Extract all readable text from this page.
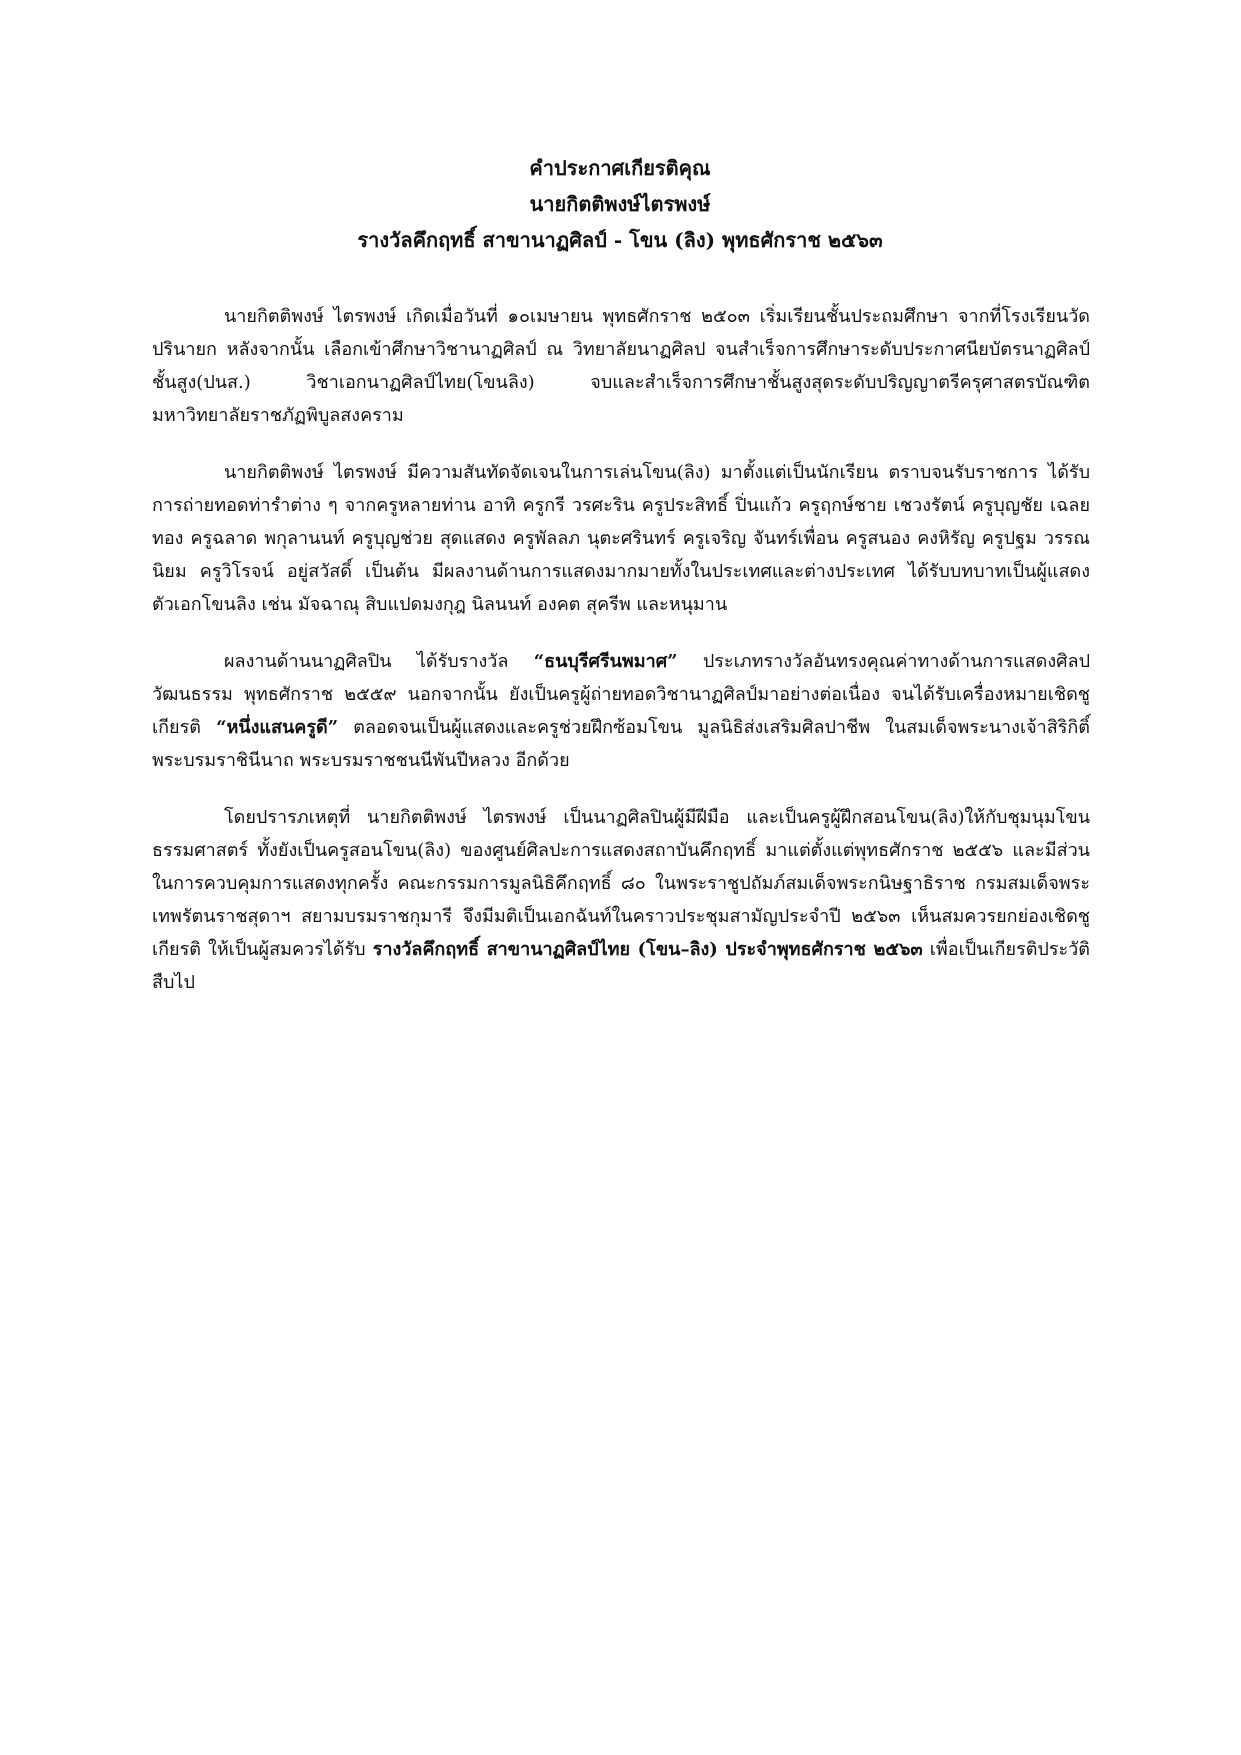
คำประกาศเกียรติคุณ
นายกิตติพงษ์ไตรพงษ์
รางวัลคึกฤทธิ์ สาขานาฏศิลป์ - โขน (ลิง) พุทธศักราช ๒๕๖๓

นายกิตติพงษ์ ไตรพงษ์ เกิดเมื่อวันที่ ๑๐เมษายน พุทธศักราช ๒๕๐๓ เริ่มเรียนชั้นประถมศึกษา จากที่โรงเรียนวัดปรินายก หลังจากนั้น เลือกเข้าศึกษาวิชานาฏศิลป์ ณ วิทยาลัยนาฏศิลป จนสำเร็จการศึกษาระดับประกาศนียบัตรนาฏศิลป์ชั้นสูง(ปนส.) วิชาเอกนาฏศิลป์ไทย(โขนลิง) จบและสำเร็จการศึกษาชั้นสูงสุดระดับปริญญาตรีครุศาสตรบัณฑิต มหาวิทยาลัยราชภัฏพิบูลสงคราม

นายกิตติพงษ์ ไตรพงษ์ มีความสันทัดจัดเจนในการเล่นโขน(ลิง) มาตั้งแต่เป็นนักเรียน ตราบจนรับราชการ ได้รับการถ่ายทอดท่ารำต่าง ๆ จากครูหลายท่าน อาทิ ครูกรี วรศะริน ครูประสิทธิ์ ปิ่นแก้ว ครูฤกษ์ชาย เชวงรัตน์ ครูบุญชัย เฉลยทอง ครูฉลาด พกุลานนท์ ครูบุญช่วย สุดแสดง ครูพัลลภ นุตะศรินทร์ ครูเจริญ จันทร์เพื่อน ครูสนอง คงหิรัญ ครูปฐม วรรณนิยม ครูวิโรจน์ อยู่สวัสดิ์ เป็นต้น มีผลงานด้านการแสดงมากมายทั้งในประเทศและต่างประเทศ ได้รับบทบาทเป็นผู้แสดงตัวเอกโขนลิง เช่น มัจฉาณุ สิบแปดมงกุฎ นิลนนท์ องคต สุครีพ และหนุมาน

ผลงานด้านนาฏศิลปิน ได้รับรางวัล “ธนบุรีศรีนพมาศ” ประเภทรางวัลอันทรงคุณค่าทางด้านการแสดงศิลปวัฒนธรรม พุทธศักราช ๒๕๕๙ นอกจากนั้น ยังเป็นครูผู้ถ่ายทอดวิชานาฏศิลป์มาอย่างต่อเนื่อง จนได้รับเครื่องหมายเชิดชูเกียรติ “หนึ่งแสนครูดี” ตลอดจนเป็นผู้แสดงและครูช่วยฝึกซ้อมโขน มูลนิธิส่งเสริมศิลปาชีพ ในสมเด็จพระนางเจ้าสิริกิติ์ พระบรมราชินีนาถ พระบรมราชชนนีพันปีหลวง อีกด้วย

โดยปรารภเหตุที่ นายกิตติพงษ์ ไตรพงษ์ เป็นนาฏศิลปินผู้มีฝีมือ และเป็นครูผู้ฝึกสอนโขน(ลิง)ให้กับชุมนุมโขนธรรมศาสตร์ ทั้งยังเป็นครูสอนโขน(ลิง) ของศูนย์ศิลปะการแสดงสถาบันคึกฤทธิ์ มาแต่ตั้งแต่พุทธศักราช ๒๕๕๖ และมีส่วนในการควบคุมการแสดงทุกครั้ง คณะกรรมการมูลนิธิคึกฤทธิ์ ๘๐ ในพระราชูปถัมภ์สมเด็จพระกนิษฐาธิราช กรมสมเด็จพระเทพรัตนราชสุดาฯ สยามบรมราชกุมารี จึงมีมติเป็นเอกฉันท์ในคราวประชุมสามัญประจำปี ๒๕๖๓ เห็นสมควรยกย่องเชิดชูเกียรติ ให้เป็นผู้สมควรได้รับ รางวัลคึกฤทธิ์ สาขานาฏศิลป์ไทย (โขน–ลิง) ประจำพุทธศักราช ๒๕๖๓ เพื่อเป็นเกียรติประวัติสืบไป
